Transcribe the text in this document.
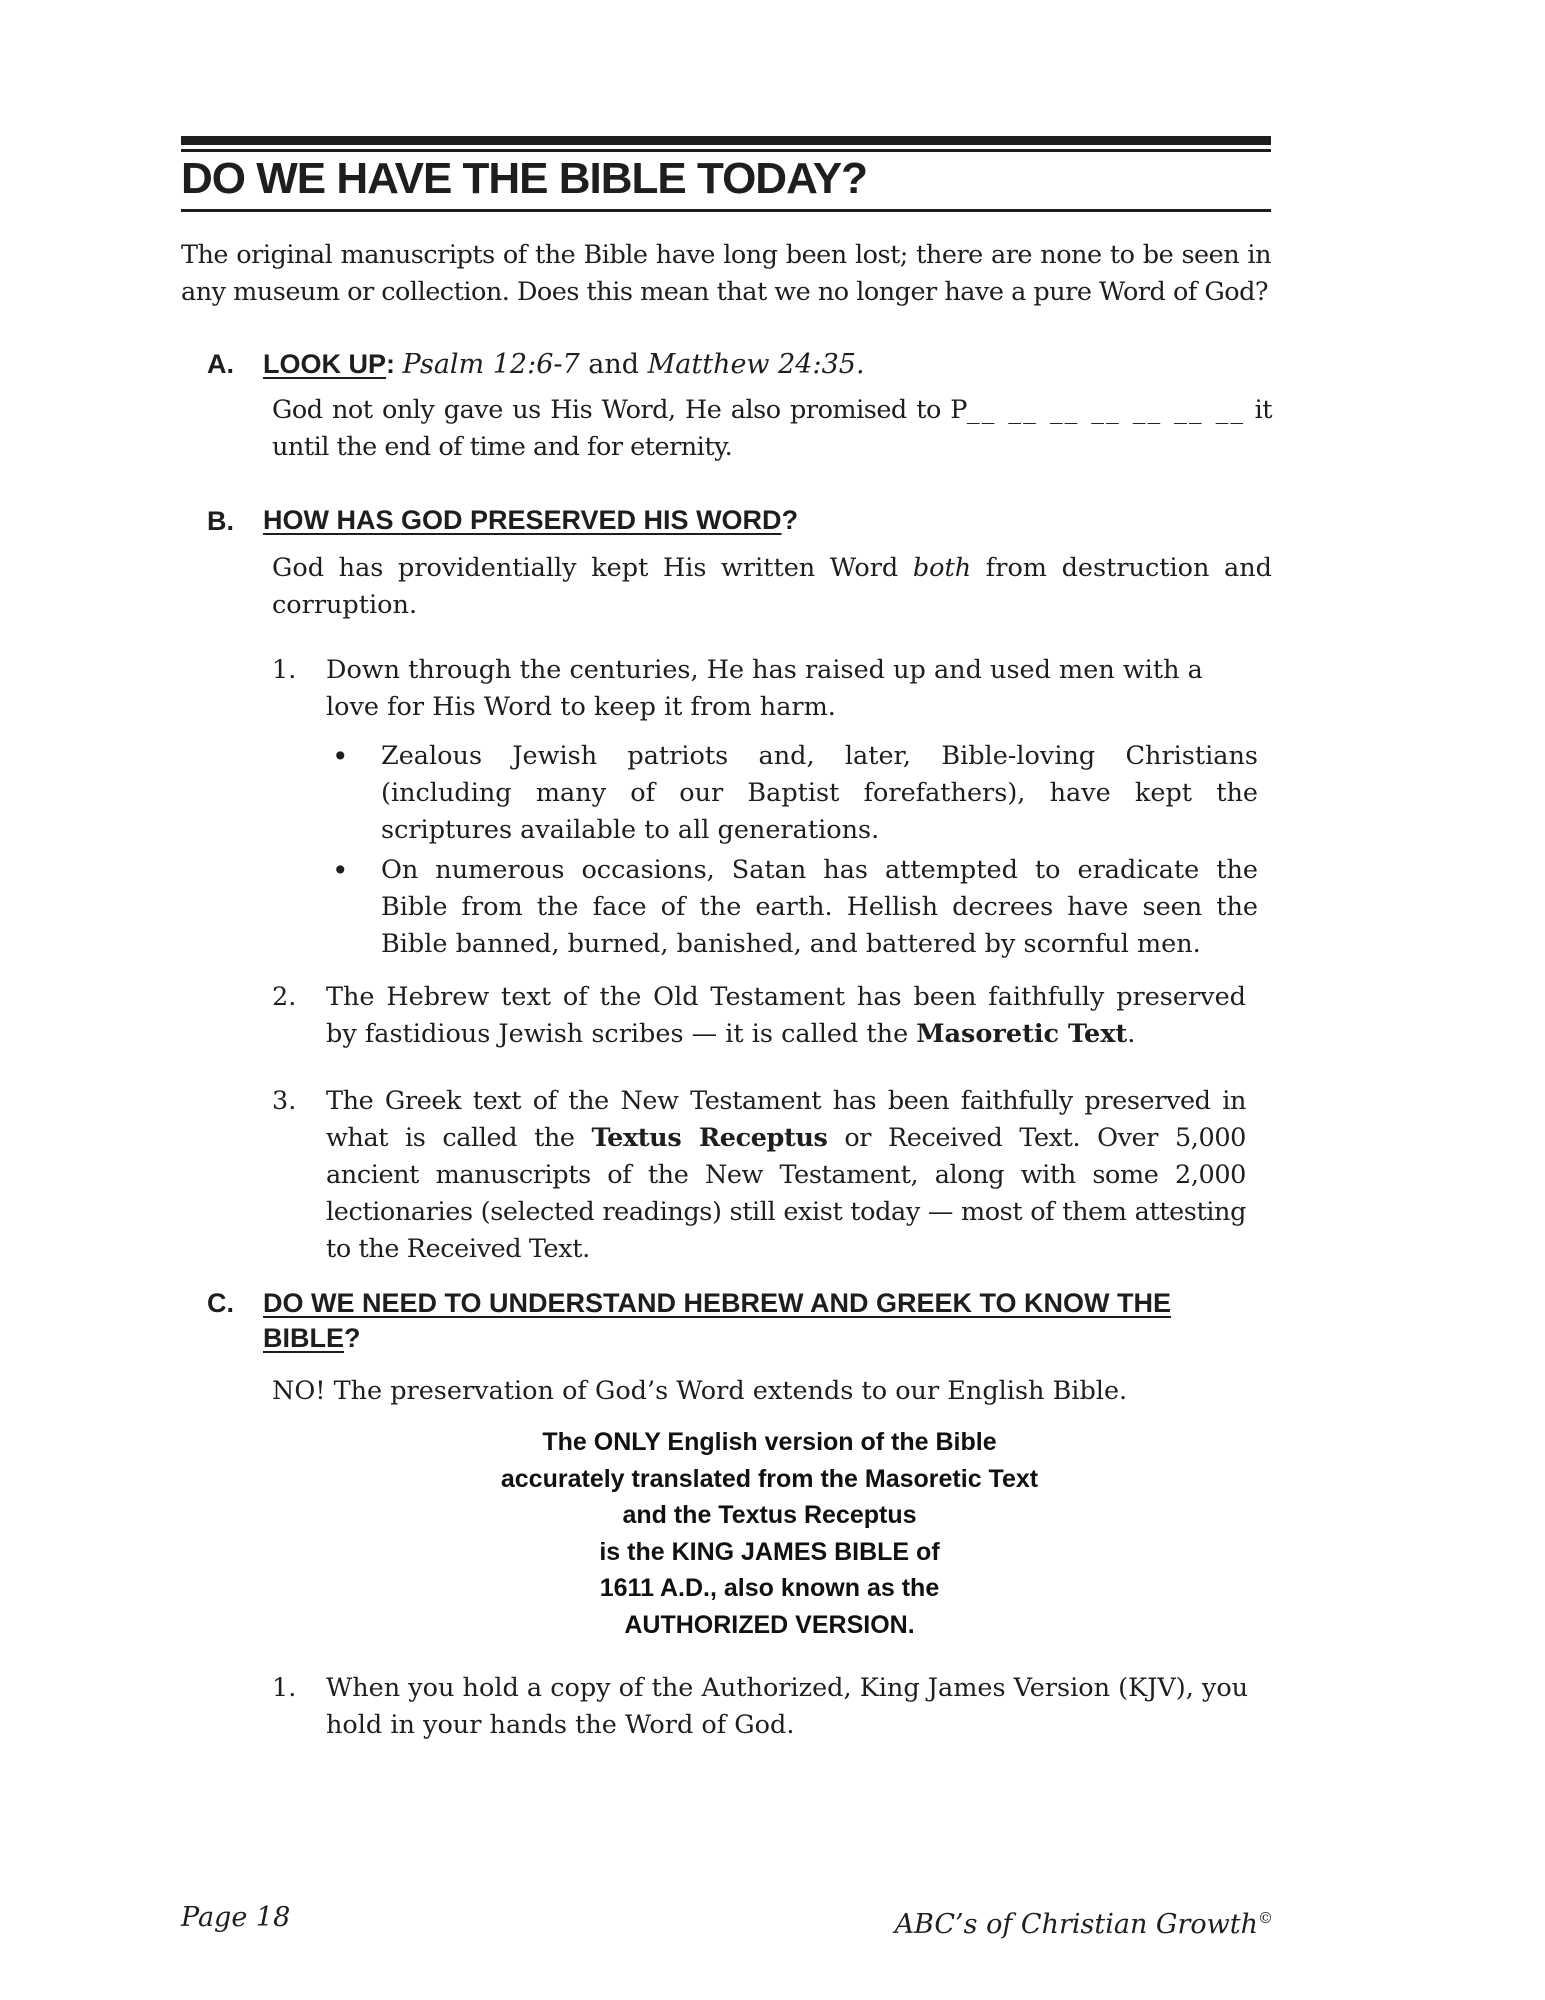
DO WE HAVE THE BIBLE TODAY?

The original manuscripts of the Bible have long been lost; there are none to be seen in any museum or collection. Does this mean that we no longer have a pure Word of God?

A. LOOK UP: Psalm 12:6-7 and Matthew 24:35.

God not only gave us His Word, He also promised to P__ __ __ __ __ __ __ it until the end of time and for eternity.

B. HOW HAS GOD PRESERVED HIS WORD?

God has providentially kept His written Word both from destruction and corruption.

1. Down through the centuries, He has raised up and used men with a love for His Word to keep it from harm.

• Zealous Jewish patriots and, later, Bible-loving Christians (including many of our Baptist forefathers), have kept the scriptures available to all generations.

• On numerous occasions, Satan has attempted to eradicate the Bible from the face of the earth. Hellish decrees have seen the Bible banned, burned, banished, and battered by scornful men.

2. The Hebrew text of the Old Testament has been faithfully preserved by fastidious Jewish scribes — it is called the Masoretic Text.

3. The Greek text of the New Testament has been faithfully preserved in what is called the Textus Receptus or Received Text. Over 5,000 ancient manuscripts of the New Testament, along with some 2,000 lectionaries (selected readings) still exist today — most of them attesting to the Received Text.

C. DO WE NEED TO UNDERSTAND HEBREW AND GREEK TO KNOW THE BIBLE?

NO! The preservation of God’s Word extends to our English Bible.

The ONLY English version of the Bible
accurately translated from the Masoretic Text
and the Textus Receptus
is the KING JAMES BIBLE of
1611 A.D., also known as the
AUTHORIZED VERSION.
1. When you hold a copy of the Authorized, King James Version (KJV), you hold in your hands the Word of God.

Page 18	ABC’s of Christian Growth©
